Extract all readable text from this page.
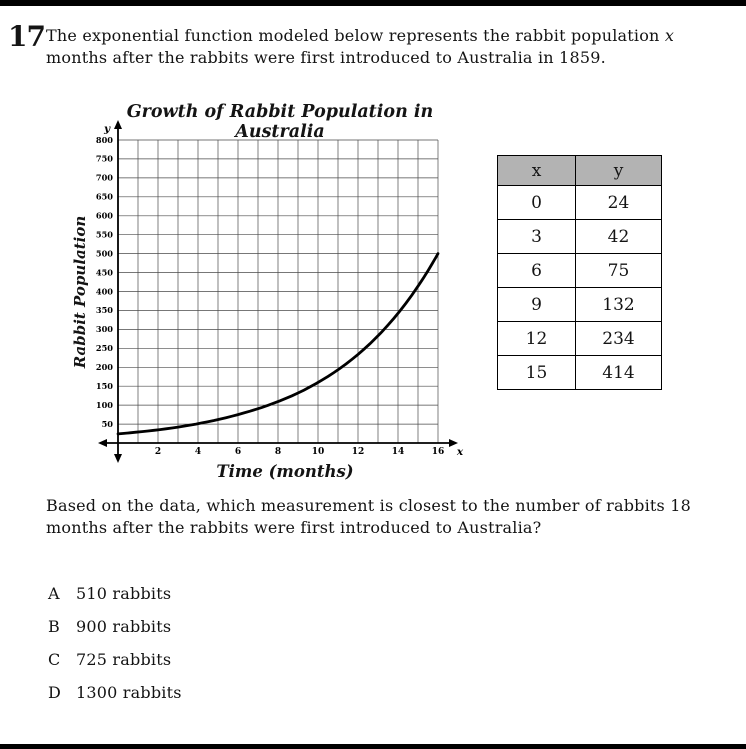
17 The exponential function modeled below represents the rabbit population x months after the rabbits were first introduced to Australia in 1859.

Growth of Rabbit Population in Australia
50
100
150
200
250
300
350
400
450
500
550
600
650
700
750
800
2	4	6	8	10	12	14	16
y
x
Rabbit Population
Time (months)
x	y
0	24
3	42
6	75
9	132
12	234
15	414

Based on the data, which measurement is closest to the number of rabbits 18 months after the rabbits were first introduced to Australia?

A	510 rabbits
B	900 rabbits
C 725 rabbits
D 1300 rabbits
